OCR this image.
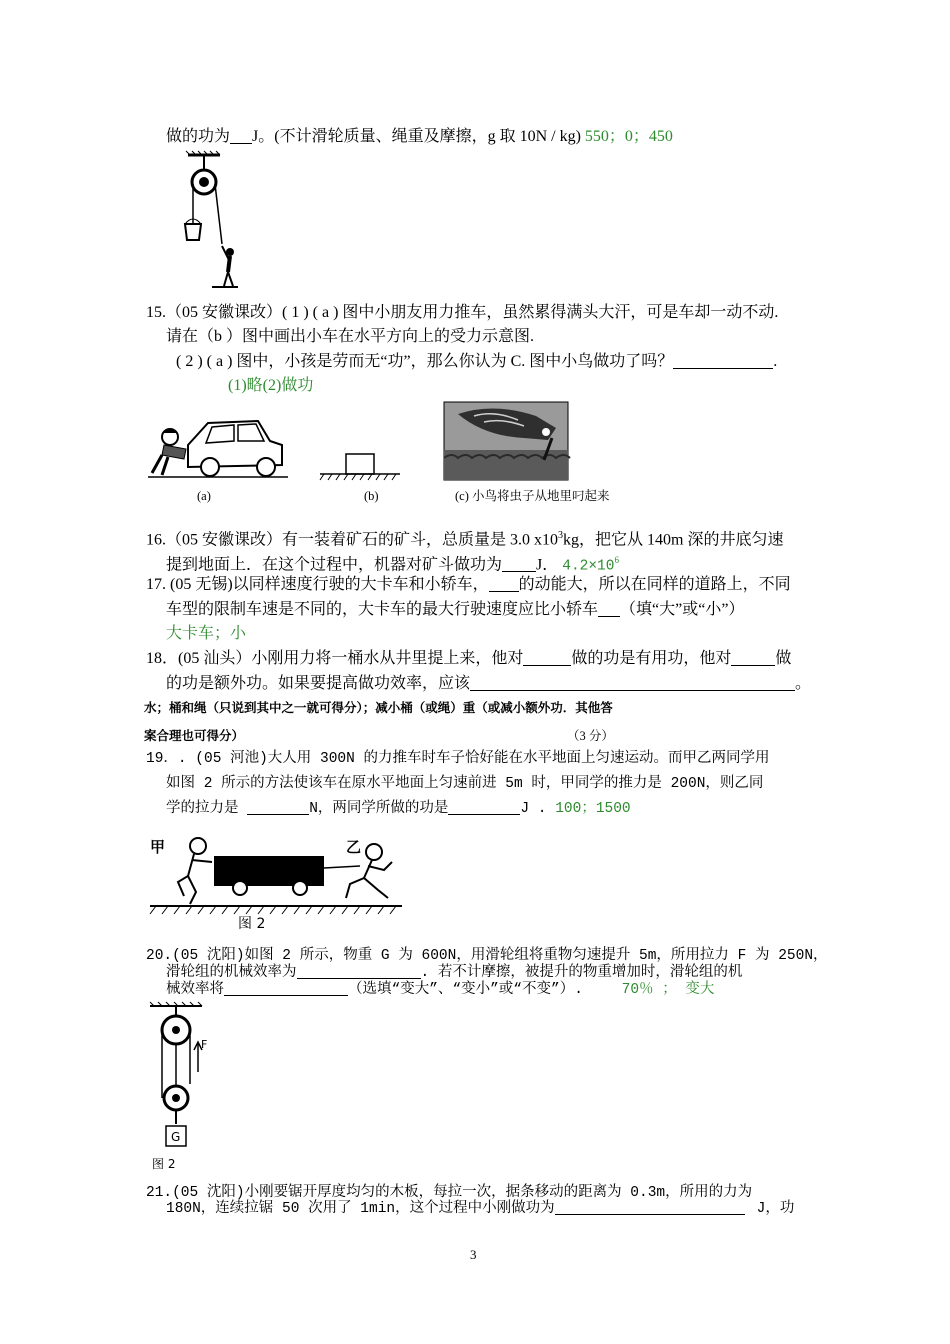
做的功为 J。(不计滑轮质量、绳重及摩擦，g 取 10N / kg) 550；0；450
15.（05 安徽课改）( 1 ) ( a ) 图中小朋友用力推车，虽然累得满头大汗，可是车却一动不动.
请在（b ）图中画出小车在水平方向上的受力示意图.
( 2 ) ( a ) 图中，小孩是劳而无“功”，那么你认为 C. 图中小鸟做功了吗？	.
(1)略(2)做功
(a)	(b)	(c) 小鸟将虫子从地里叼起来
16.（05 安徽课改）有一装着矿石的矿斗，总质量是 3.0 $x10^3kg$，把它从 140m 深的井底匀速
提到地面上．在这个过程中，机器对矿斗做功为 J． $4.2\times 10^6$
17. (05 无锡)以同样速度行驶的大卡车和小轿车， 的动能大，所以在同样的道路上，不同
车型的限制车速是不同的，大卡车的最大行驶速度应比小轿车 （填“大”或“小”）
大卡车；小
18．(05 汕头）小刚用力将一桶水从井里提上来，他对	做的功是有用功，他对	做
的功是额外功。如果要提高做功效率，应该	。
水；桶和绳（只说到其中之一就可得分）；减小桶（或绳）重（或减小额外功．其他答
案合理也可得分）	（3 分）
19．. (05 河池)大人用 300N 的力推车时车子恰好能在水平地面上匀速运动。而甲乙两同学用
如图 2 所示的方法使该车在原水平地面上匀速前进 5m 时，甲同学的推力是 200N，则乙同
学的拉力是	N，两同学所做的功是	J . 100；1500
甲	乙
图 2
20.(05 沈阳)如图 2 所示，物重 G 为 600N，用滑轮组将重物匀速提升 5m，所用拉力 F 为 250N，
滑轮组的机械效率为	. 若不计摩擦，被提升的物重增加时，滑轮组的机
械效率将	（选填“变大”、“变小”或“不变”）.	70％ ； 变大
F
G
图 2
21.(05 沈阳)小刚要锯开厚度均匀的木板，每拉一次，据条移动的距离为 0.3m，所用的力为
180N，连续拉锯 50 次用了 1min，这个过程中小刚做功为	J，功
3
